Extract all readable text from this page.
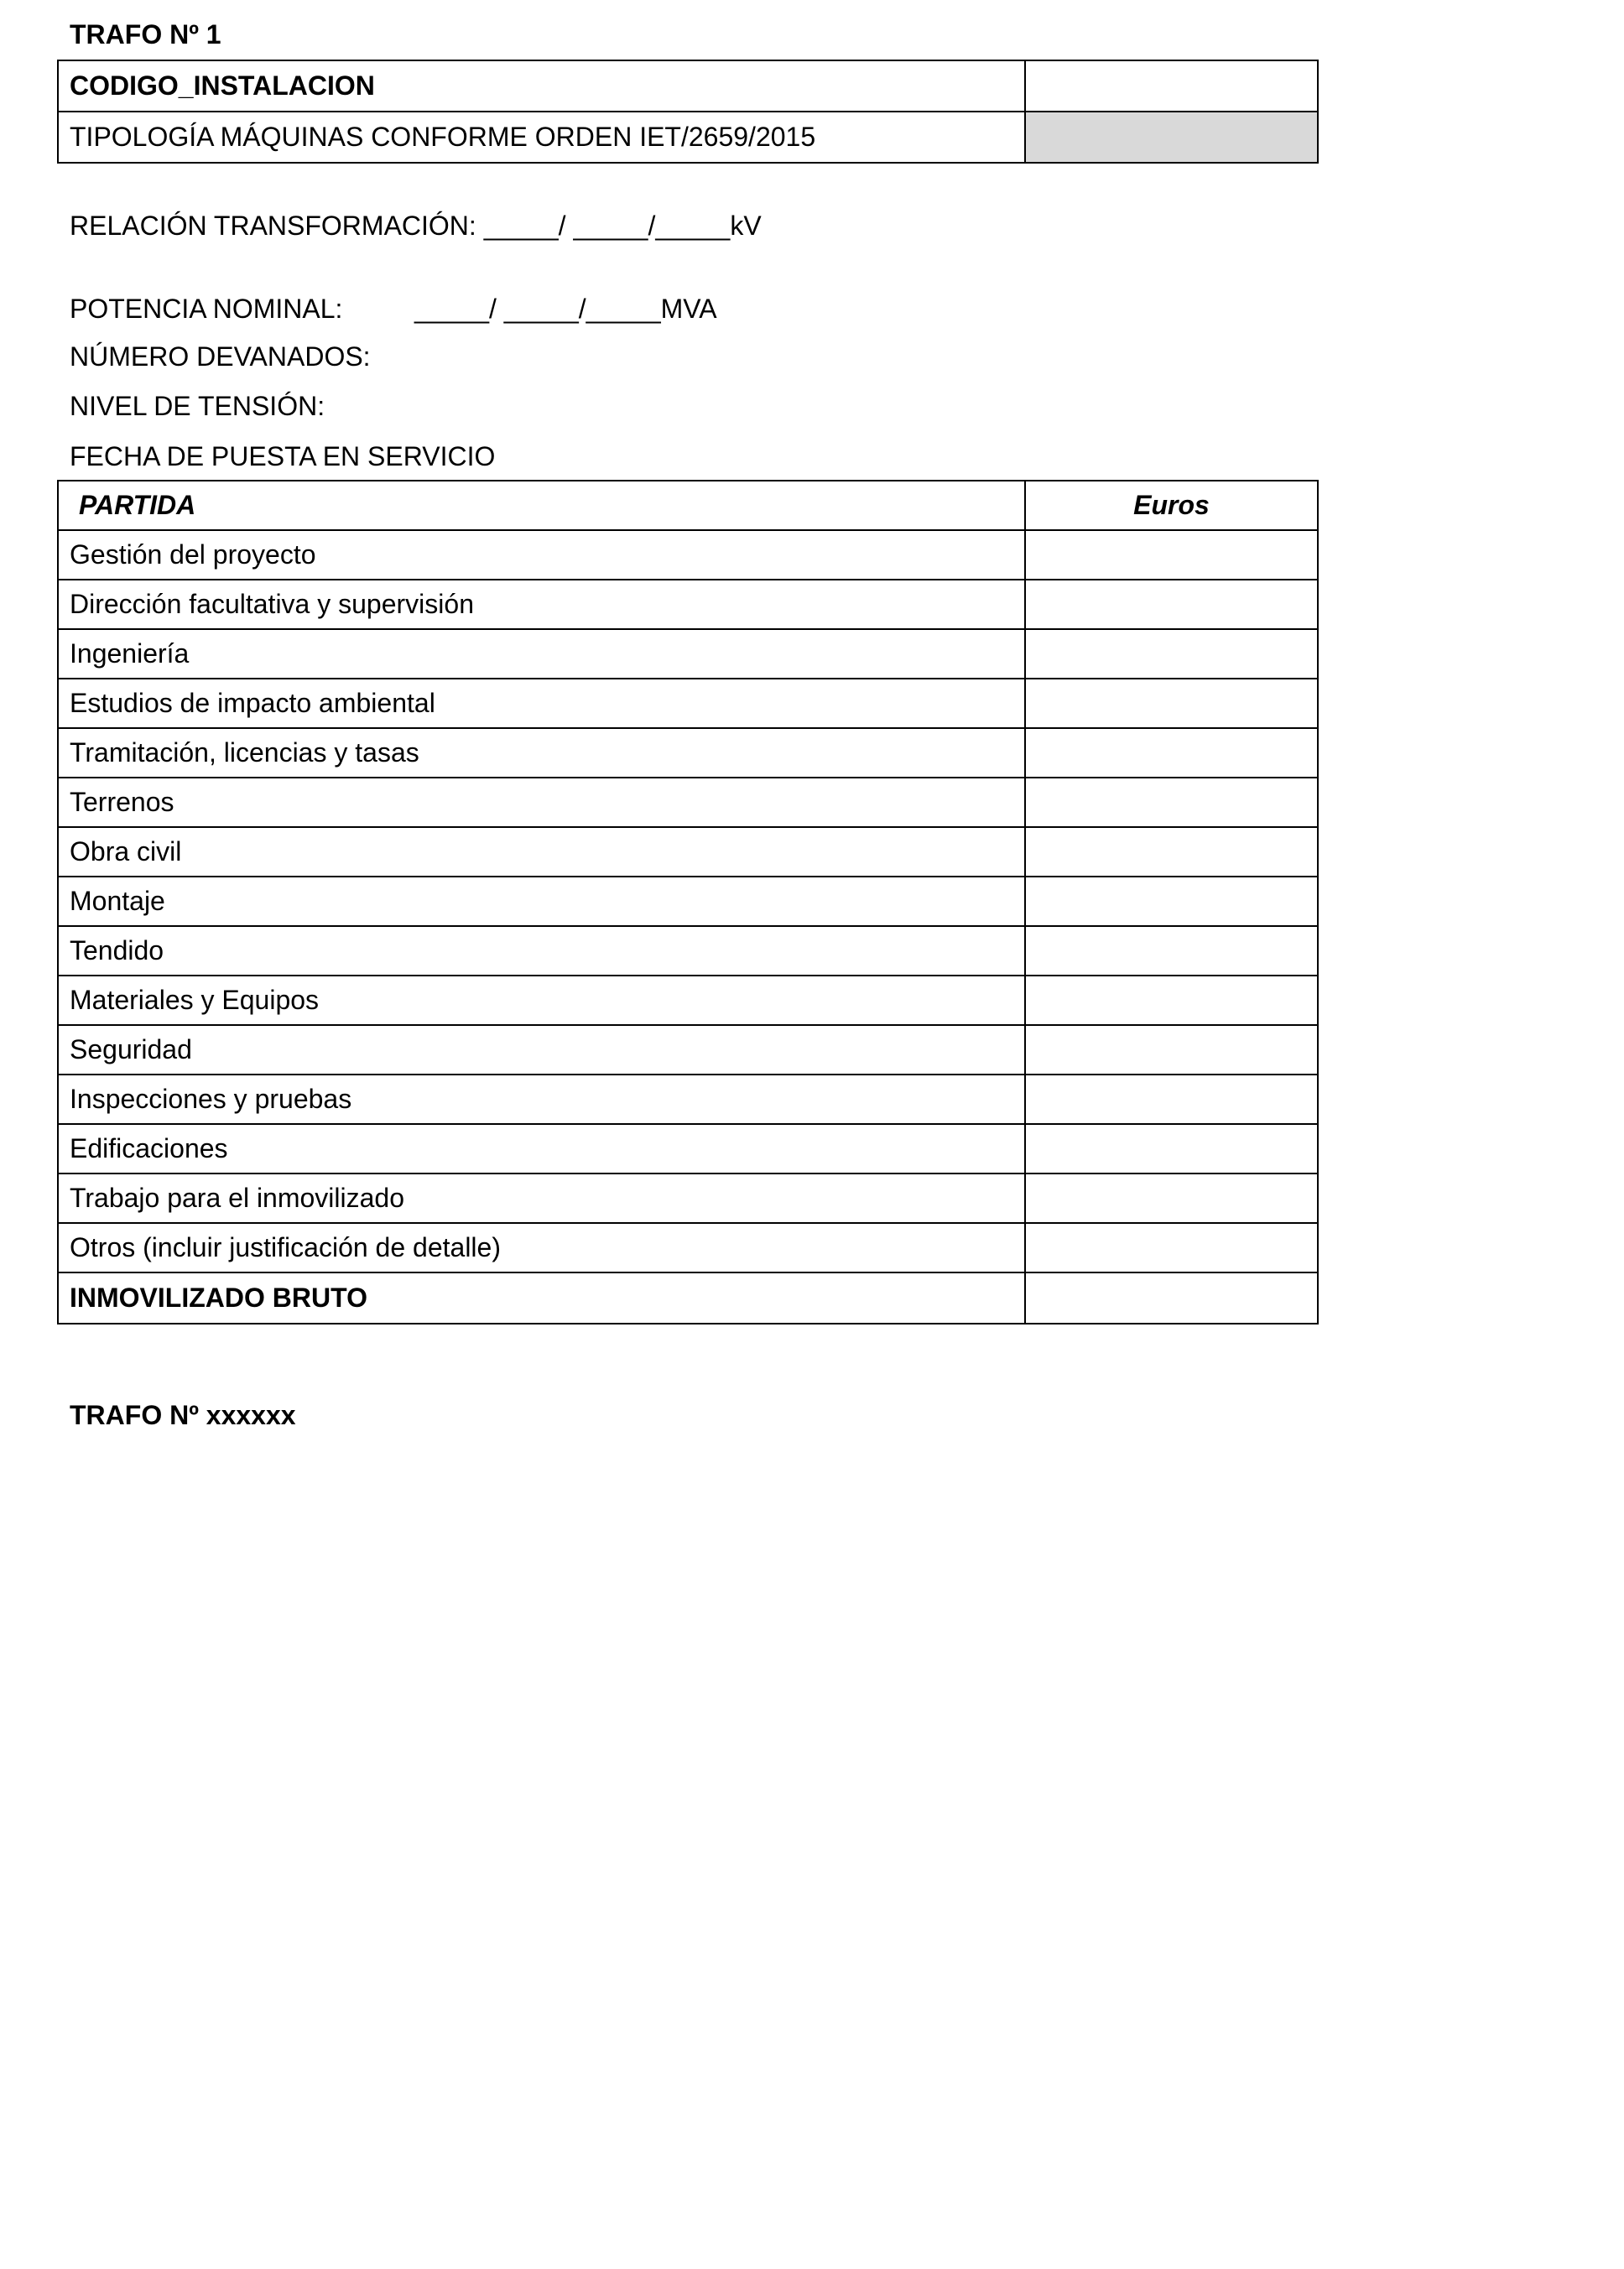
TRAFO Nº 1
CODIGO_INSTALACION	
TIPOLOGÍA MÁQUINAS CONFORME ORDEN IET/2659/2015	
RELACIÓN TRANSFORMACIÓN: _____/ _____/_____kV
POTENCIA NOMINAL:	_____/ _____/_____MVA
NÚMERO DEVANADOS:
NIVEL DE TENSIÓN:
FECHA DE PUESTA EN SERVICIO
PARTIDA	Euros
Gestión del proyecto	
Dirección facultativa y supervisión	
Ingeniería	
Estudios de impacto ambiental	
Tramitación, licencias y tasas	
Terrenos	
Obra civil	
Montaje	
Tendido	
Materiales y Equipos	
Seguridad	
Inspecciones y pruebas	
Edificaciones	
Trabajo para el inmovilizado	
Otros (incluir justificación de detalle)	
INMOVILIZADO BRUTO	
TRAFO Nº xxxxxx
